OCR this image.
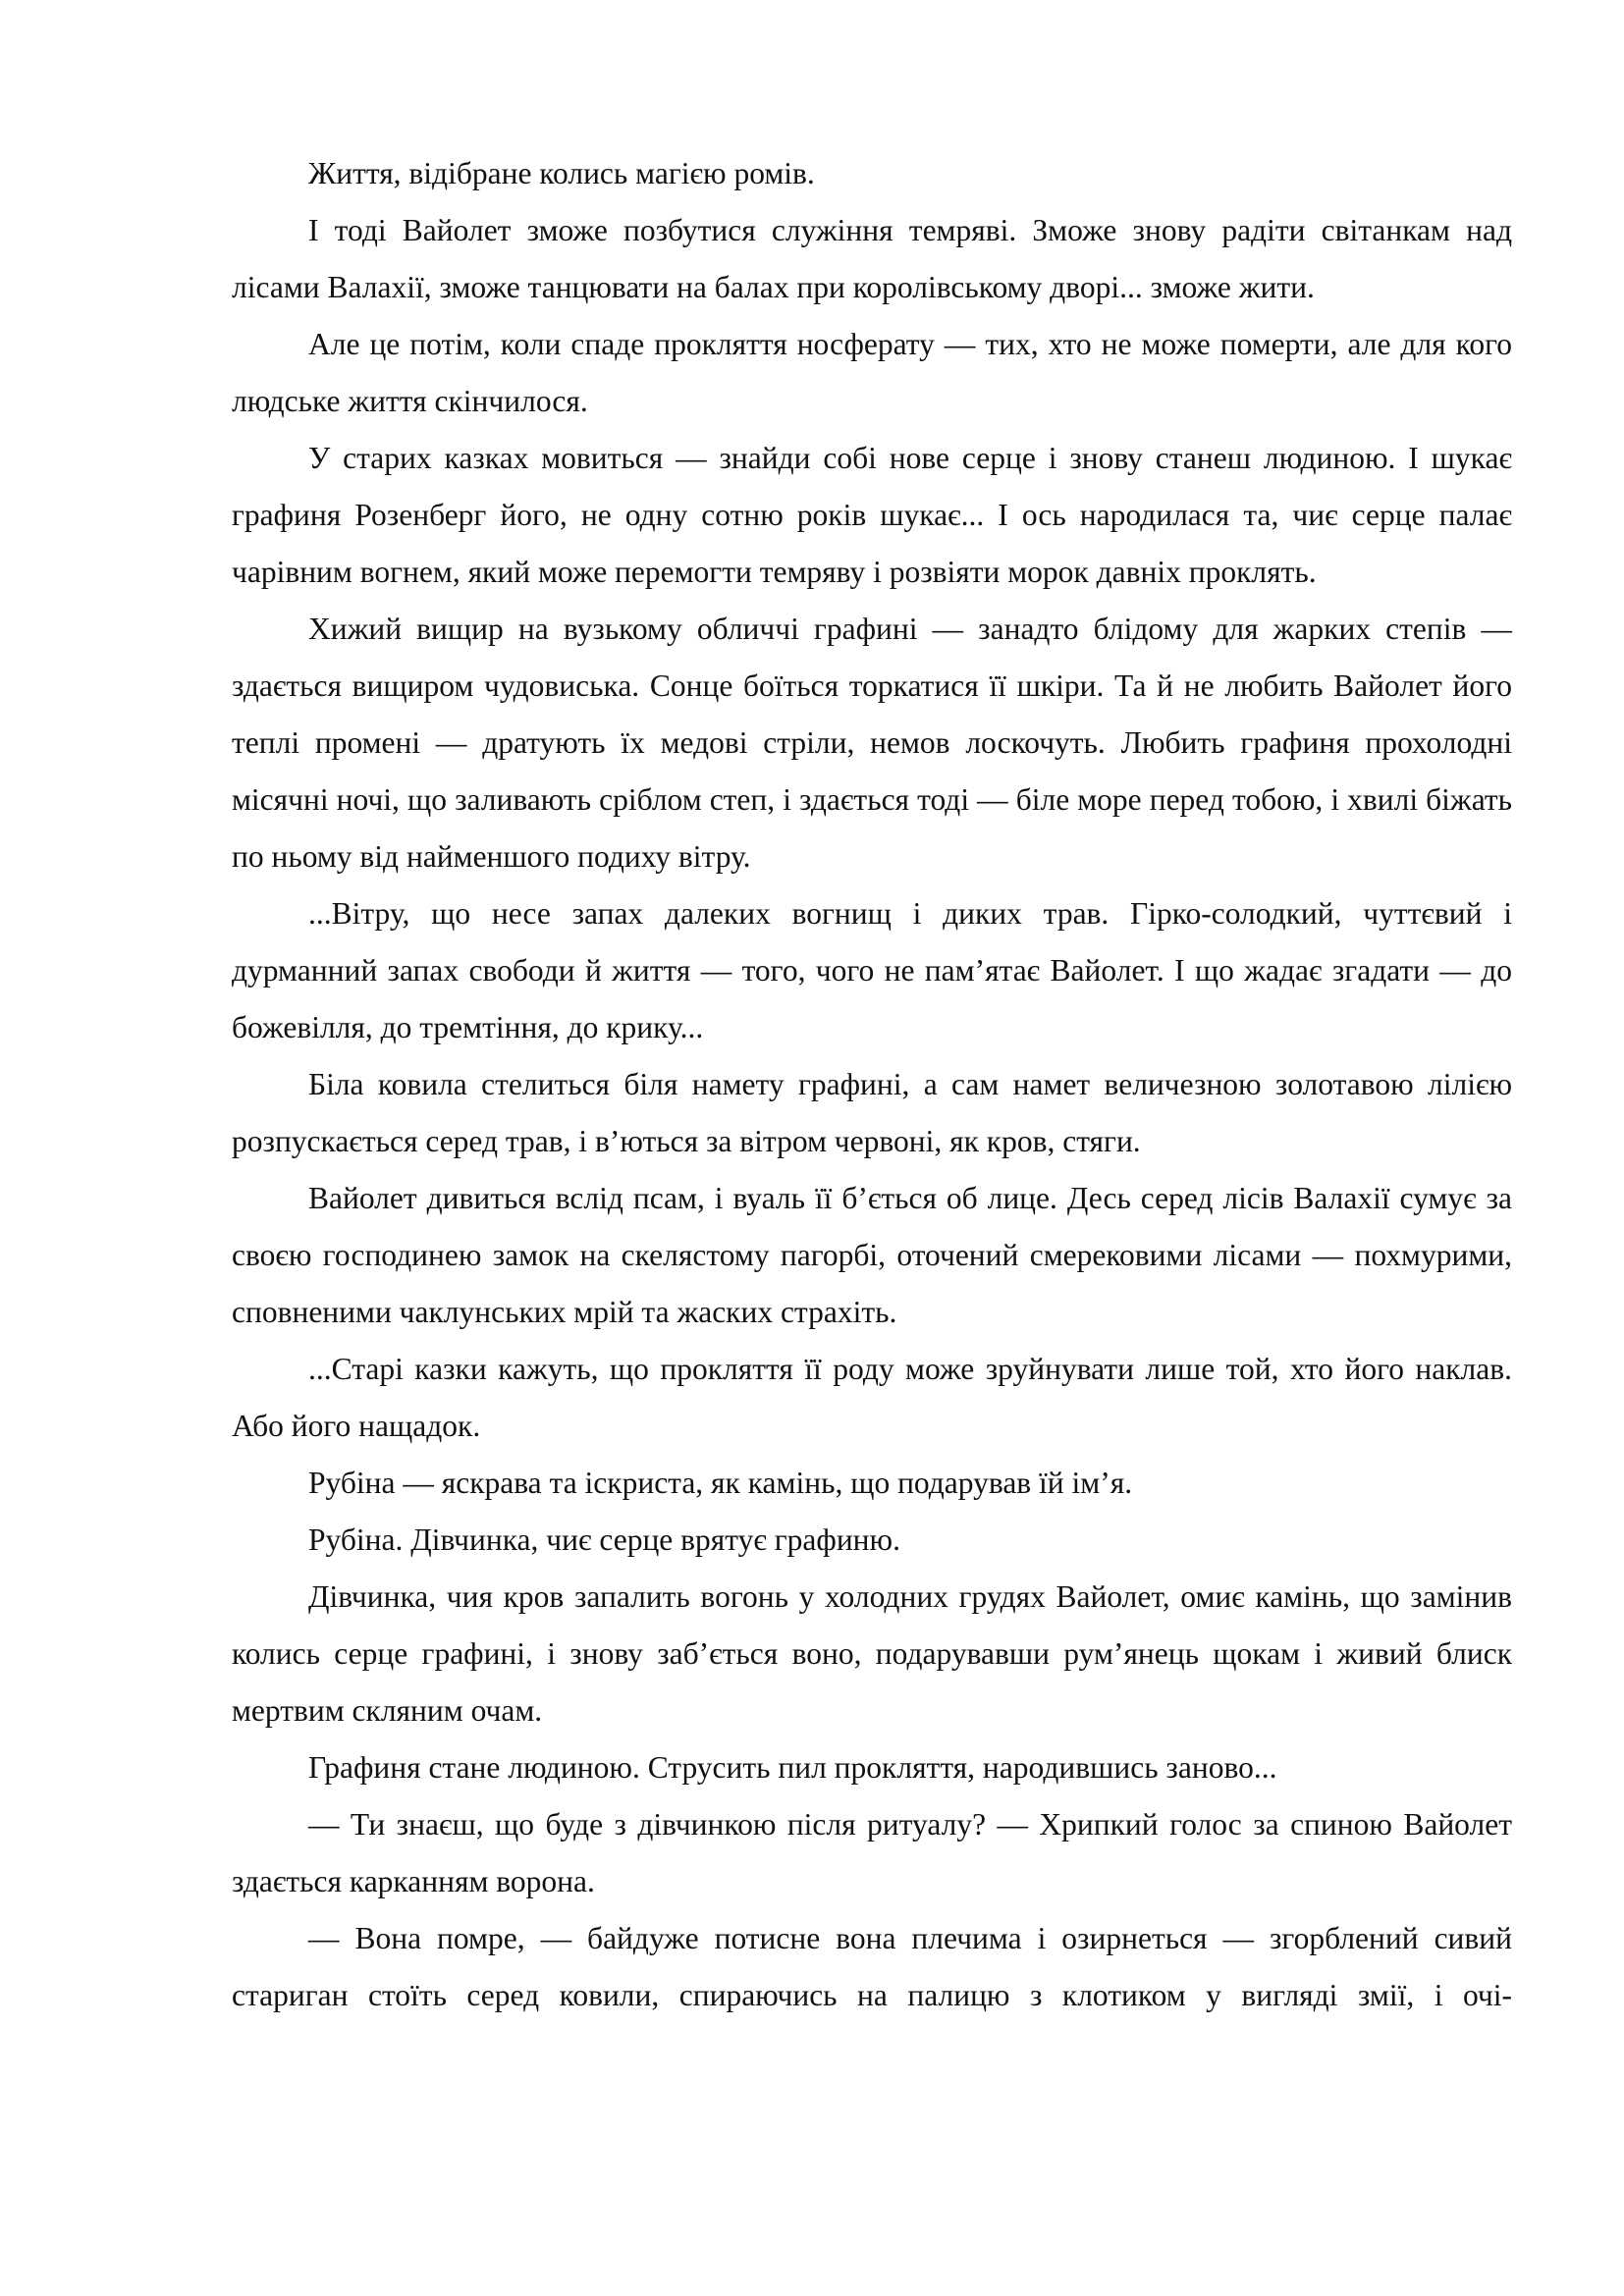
Життя, відібране колись магією ромів.

І тоді Вайолет зможе позбутися служіння темряві. Зможе знову радіти світанкам над лісами Валахії, зможе танцювати на балах при королівському дворі... зможе жити.

Але це потім, коли спаде прокляття носферату — тих, хто не може померти, але для кого людське життя скінчилося.

У старих казках мовиться — знайди собі нове серце і знову станеш людиною. І шукає графиня Розенберг його, не одну сотню років шукає... І ось народилася та, чиє серце палає чарівним вогнем, який може перемогти темряву і розвіяти морок давніх проклять.

Хижий вищир на вузькому обличчі графині — занадто блідому для жарких степів — здається вищиром чудовиська. Сонце боїться торкатися її шкіри. Та й не любить Вайолет його теплі промені — дратують їх медові стріли, немов лоскочуть. Любить графиня прохолодні місячні ночі, що заливають сріблом степ, і здається тоді — біле море перед тобою, і хвилі біжать по ньому від найменшого подиху вітру.

...Вітру, що несе запах далеких вогнищ і диких трав. Гірко-солодкий, чуттєвий і дурманний запах свободи й життя — того, чого не пам’ятає Вайолет. І що жадає згадати — до божевілля, до тремтіння, до крику...

Біла ковила стелиться біля намету графині, а сам намет величезною золотавою лілією розпускається серед трав, і в’ються за вітром червоні, як кров, стяги.

Вайолет дивиться вслід псам, і вуаль її б’ється об лице. Десь серед лісів Валахії сумує за своєю господинею замок на скелястому пагорбі, оточений смерековими лісами — похмурими, сповненими чаклунських мрій та жаских страхіть.

...Старі казки кажуть, що прокляття її роду може зруйнувати лише той, хто його наклав. Або його нащадок.

Рубіна — яскрава та іскриста, як камінь, що подарував їй ім’я.

Рубіна. Дівчинка, чиє серце врятує графиню.

Дівчинка, чия кров запалить вогонь у холодних грудях Вайолет, омиє камінь, що замінив колись серце графині, і знову заб’ється воно, подарувавши рум’янець щокам і живий блиск мертвим скляним очам.

Графиня стане людиною. Струсить пил прокляття, народившись заново...

— Ти знаєш, що буде з дівчинкою після ритуалу? — Хрипкий голос за спиною Вайолет здається карканням ворона.

— Вона помре, — байдуже потисне вона плечима і озирнеться — згорблений сивий стариган стоїть серед ковили, спираючись на палицю з клотиком у вигляді змії, і очі-
